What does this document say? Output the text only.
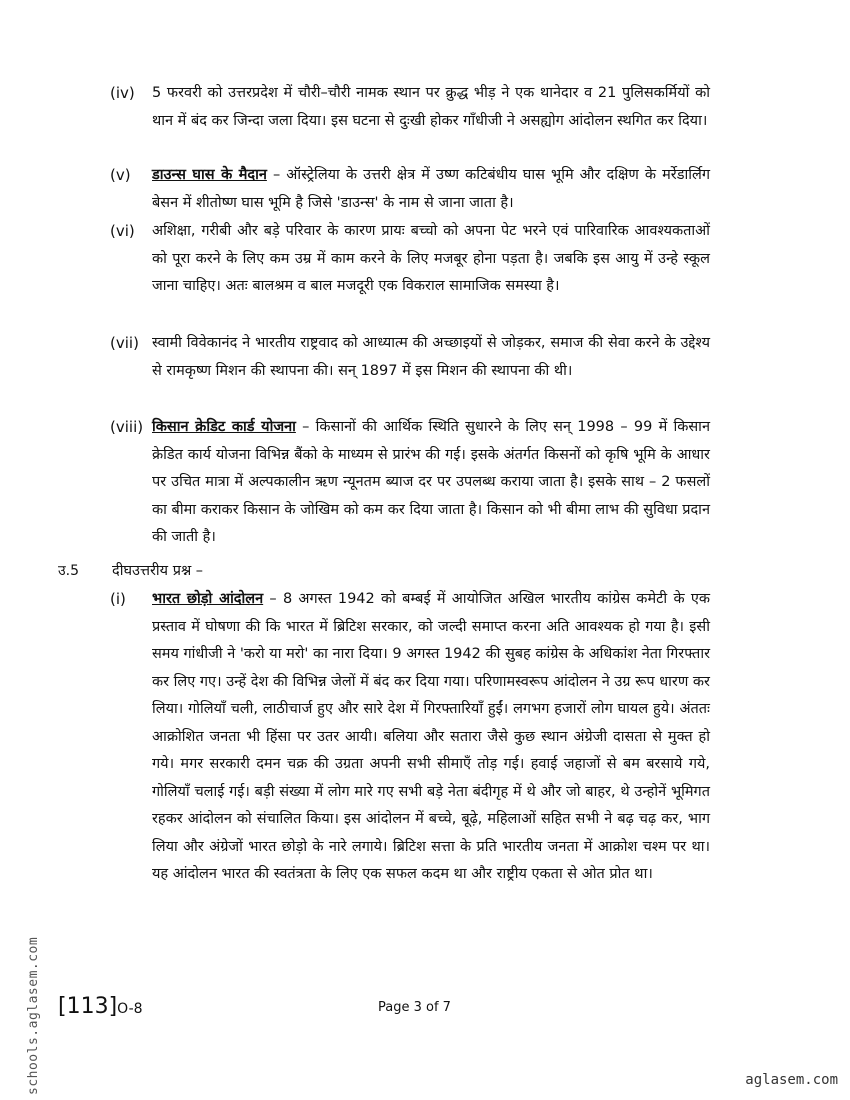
(iv) 5 फरवरी को उत्तरप्रदेश में चौरी–चौरी नामक स्थान पर क्रुद्ध भीड़ ने एक थानेदार व 21 पुलिसकर्मियों को थान में बंद कर जिन्दा जला दिया। इस घटना से दुःखी होकर गाँधीजी ने असह्योग आंदोलन स्थगित कर दिया।
(v) डाउन्स घास के मैदान – ऑस्ट्रेलिया के उत्तरी क्षेत्र में उष्ण कटिबंधीय घास भूमि और दक्षिण के मर्रेडार्लिग बेसन में शीतोष्ण घास भूमि है जिसे 'डाउन्स' के नाम से जाना जाता है।
(vi) अशिक्षा, गरीबी और बड़े परिवार के कारण प्रायः बच्चो को अपना पेट भरने एवं पारिवारिक आवश्यकताओं को पूरा करने के लिए कम उम्र में काम करने के लिए मजबूर होना पड़ता है। जबकि इस आयु में उन्हे स्कूल जाना चाहिए। अतः बालश्रम व बाल मजदूरी एक विकराल सामाजिक समस्या है।
(vii) स्वामी विवेकानंद ने भारतीय राष्ट्रवाद को आध्यात्म की अच्छाइयों से जोड़कर, समाज की सेवा करने के उद्देश्य से रामकृष्ण मिशन की स्थापना की। सन् 1897 में इस मिशन की स्थापना की थी।
(viii) किसान क्रेडिट कार्ड योजना – किसानों की आर्थिक स्थिति सुधारने के लिए सन् 1998 – 99 में किसान क्रेडित कार्य योजना विभिन्न बैंको के माध्यम से प्रारंभ की गई। इसके अंतर्गत किसनों को कृषि भूमि के आधार पर उचित मात्रा में अल्पकालीन ऋण न्यूनतम ब्याज दर पर उपलब्ध कराया जाता है। इसके साथ – 2 फसलों का बीमा कराकर किसान के जोखिम को कम कर दिया जाता है। किसान को भी बीमा लाभ की सुविधा प्रदान की जाती है।
उ.5 दीघउत्तरीय प्रश्न –
(i) भारत छोड़ो आंदोलन – 8 अगस्त 1942 को बम्बई में आयोजित अखिल भारतीय कांग्रेस कमेटी के एक प्रस्ताव में घोषणा की कि भारत में ब्रिटिश सरकार, को जल्दी समाप्त करना अति आवश्यक हो गया है। इसी समय गांधीजी ने 'करो या मरो' का नारा दिया। 9 अगस्त 1942 की सुबह कांग्रेस के अधिकांश नेता गिरफ्तार कर लिए गए। उन्हें देश की विभिन्न जेलों में बंद कर दिया गया। परिणामस्वरूप आंदोलन ने उग्र रूप धारण कर लिया। गोलियाँ चली, लाठीचार्ज हुए और सारे देश में गिरफ्तारियाँ हुईं। लगभग हजारों लोग घायल हुये। अंततः आक्रोशित जनता भी हिंसा पर उतर आयी। बलिया और सतारा जैसे कुछ स्थान अंग्रेजी दासता से मुक्त हो गये। मगर सरकारी दमन चक्र की उग्रता अपनी सभी सीमाएँ तोड़ गई। हवाई जहाजों से बम बरसाये गये, गोलियाँ चलाई गई। बड़ी संख्या में लोग मारे गए सभी बड़े नेता बंदीगृह में थे और जो बाहर, थे उन्होनें भूमिगत रहकर आंदोलन को संचालित किया। इस आंदोलन में बच्चे, बूढ़े, महिलाओं सहित सभी ने बढ़ चढ़ कर, भाग लिया और अंग्रेजों भारत छोड़ो के नारे लगाये। ब्रिटिश सत्ता के प्रति भारतीय जनता में आक्रोश चश्म पर था। यह आंदोलन भारत की स्वतंत्रता के लिए एक सफल कदम था और राष्ट्रीय एकता से ओत प्रोत था।
[113]O-8	Page 3 of 7
schools.aglasem.com	aglasem.com
